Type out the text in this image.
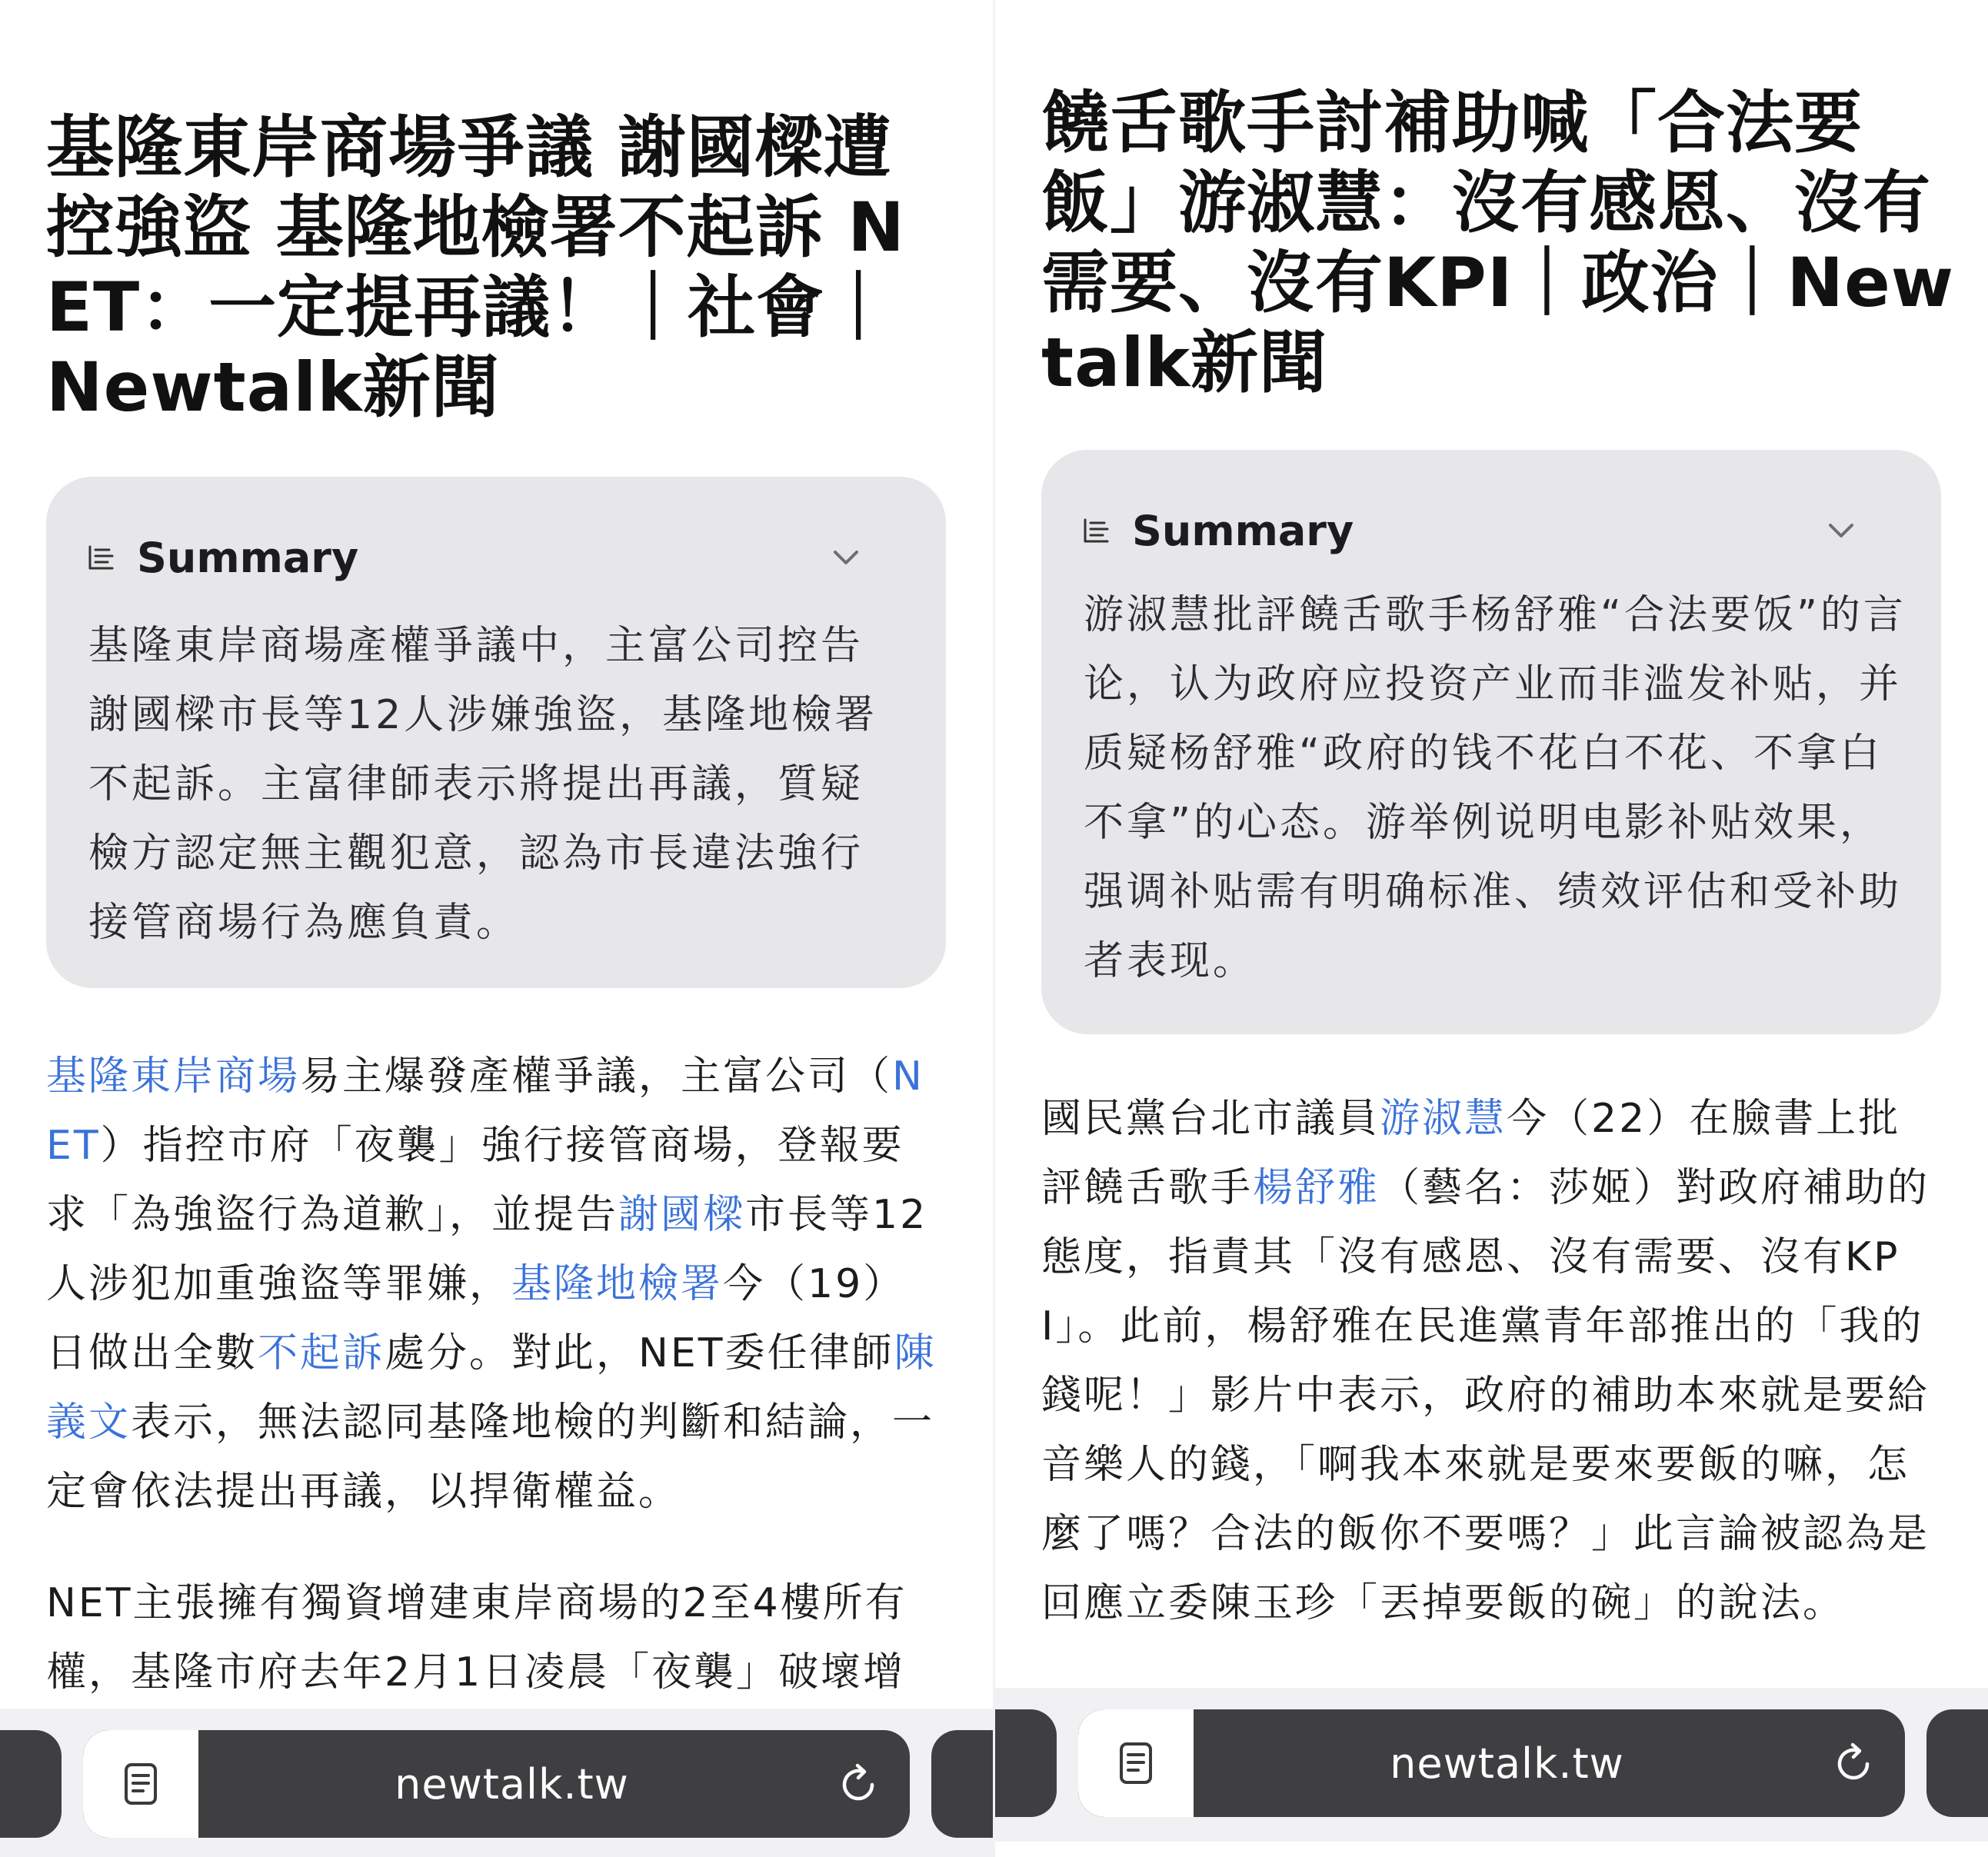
基隆東岸商場爭議 謝國樑遭控強盜 基隆地檢署不起訴 NET：一定提再議！｜社會｜Newtalk新聞
Summary

基隆東岸商場產權爭議中，主富公司控告謝國樑市長等12人涉嫌強盜，基隆地檢署不起訴。主富律師表示將提出再議，質疑檢方認定無主觀犯意，認為市長違法強行接管商場行為應負責。

基隆東岸商場易主爆發產權爭議，主富公司（NET）指控市府「夜襲」強行接管商場，登報要求「為強盜行為道歉」，並提告謝國樑市長等12人涉犯加重強盜等罪嫌，基隆地檢署今（19）日做出全數不起訴處分。對此，NET委任律師陳義文表示，無法認同基隆地檢的判斷和結論，一定會依法提出再議，以捍衛權益。

NET主張擁有獨資增建東岸商場的2至4樓所有權，基隆市府去年2月1日凌晨「夜襲」破壞增

newtalk.tw
饒舌歌手討補助喊「合法要飯」游淑慧：沒有感恩、沒有需要、沒有KPI｜政治｜Newtalk新聞
Summary

游淑慧批評饒舌歌手杨舒雅“合法要饭”的言论，认为政府应投资产业而非滥发补贴，并质疑杨舒雅“政府的钱不花白不花、不拿白不拿”的心态。游举例说明电影补贴效果，强调补贴需有明确标准、绩效评估和受补助者表现。

國民黨台北市議員游淑慧今（22）在臉書上批評饒舌歌手楊舒雅（藝名：莎姬）對政府補助的態度，指責其「沒有感恩、沒有需要、沒有KPI」。此前，楊舒雅在民進黨青年部推出的「我的錢呢！」影片中表示，政府的補助本來就是要給音樂人的錢，「啊我本來就是要來要飯的嘛，怎麼了嗎？合法的飯你不要嗎？」此言論被認為是回應立委陳玉珍「丟掉要飯的碗」的說法。

newtalk.tw
